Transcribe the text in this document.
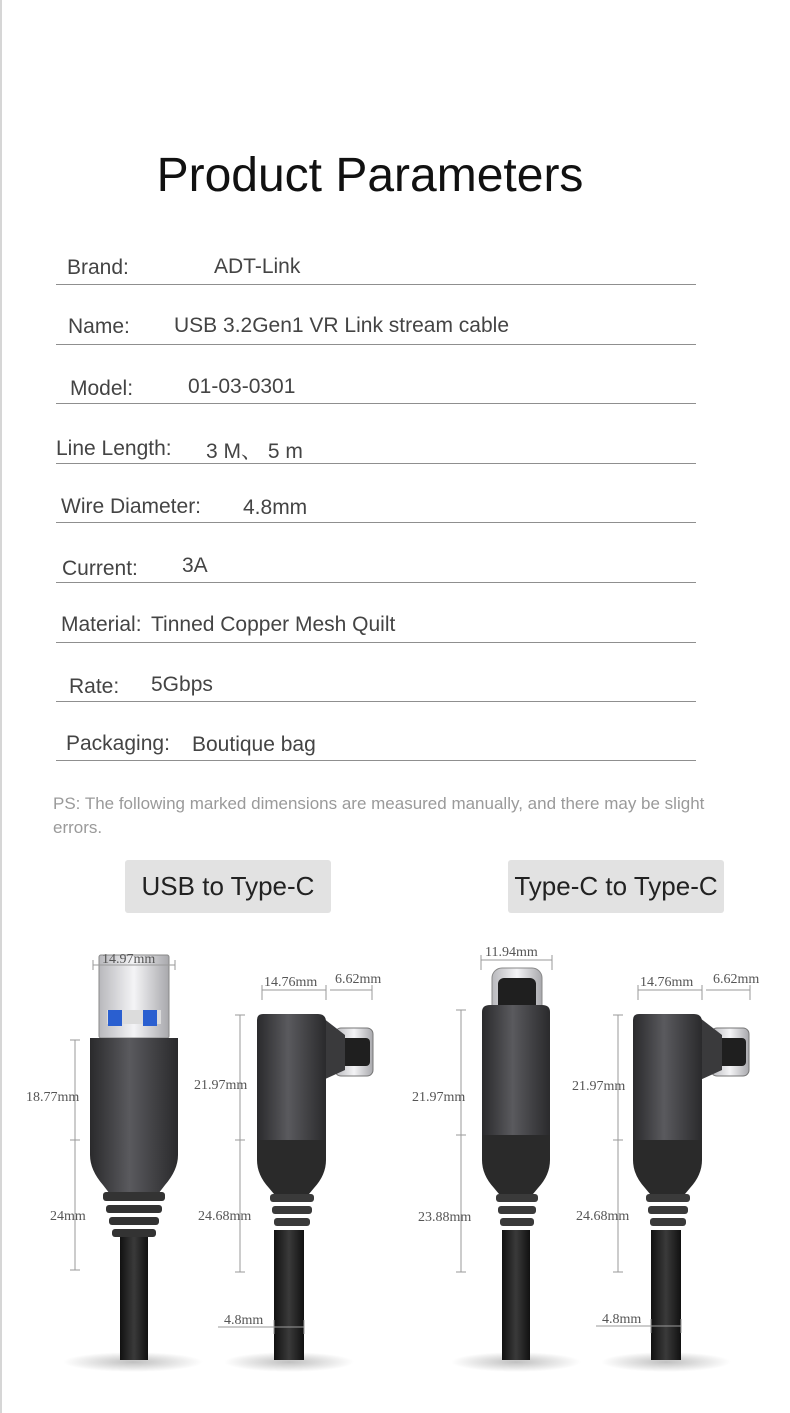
Product Parameters
Brand:	ADT-Link
Name: USB 3.2Gen1 VR Link stream cable
Model:	01-03-0301
Line Length: 3 M、 5 m
Wire Diameter: 4.8mm
Current: 3A
Material: Tinned Copper Mesh Quilt
Rate: 5Gbps
Packaging: Boutique bag
PS: The following marked dimensions are measured manually, and there may be slight errors.
USB to Type-C	Type-C to Type-C
14.97mm
18.77mm
24mm
14.76mm 6.62mm
21.97mm
24.68mm
4.8mm
11.94mm
21.97mm
23.88mm
14.76mm 6.62mm
21.97mm
24.68mm
4.8mm
